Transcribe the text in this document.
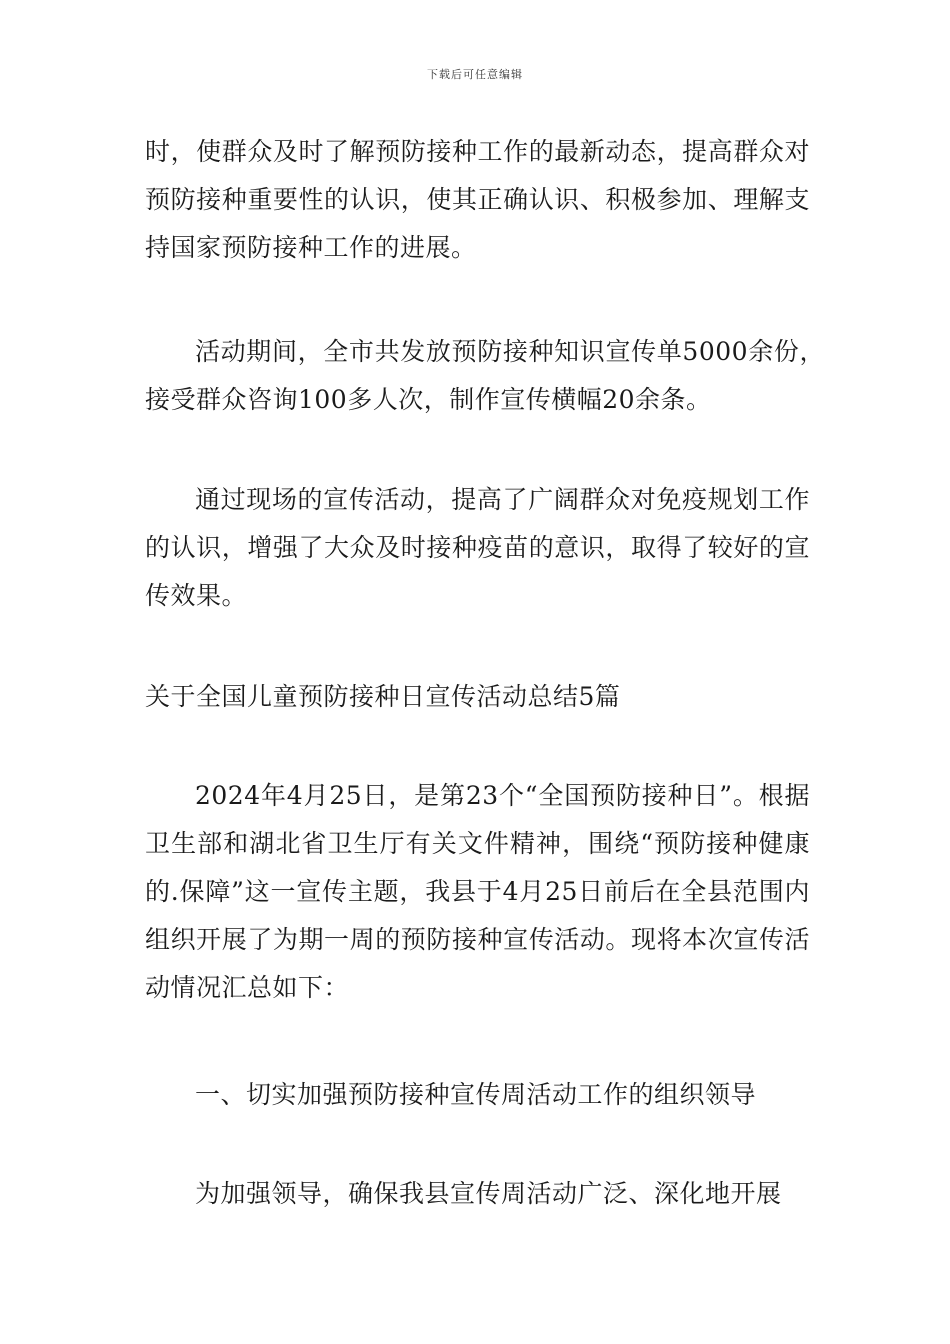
下载后可任意编辑

时，使群众及时了解预防接种工作的最新动态，提高群众对预防接种重要性的认识，使其正确认识、积极参加、理解支持国家预防接种工作的进展。

活动期间，全市共发放预防接种知识宣传单5000余份，接受群众咨询100多人次，制作宣传横幅20余条。

通过现场的宣传活动，提高了广阔群众对免疫规划工作的认识，增强了大众及时接种疫苗的意识，取得了较好的宣传效果。

关于全国儿童预防接种日宣传活动总结5篇

2024年4月25日，是第23个“全国预防接种日”。根据卫生部和湖北省卫生厅有关文件精神，围绕“预防接种健康的.保障”这一宣传主题，我县于4月25日前后在全县范围内组织开展了为期一周的预防接种宣传活动。现将本次宣传活动情况汇总如下：

一、切实加强预防接种宣传周活动工作的组织领导

为加强领导，确保我县宣传周活动广泛、深化地开展
